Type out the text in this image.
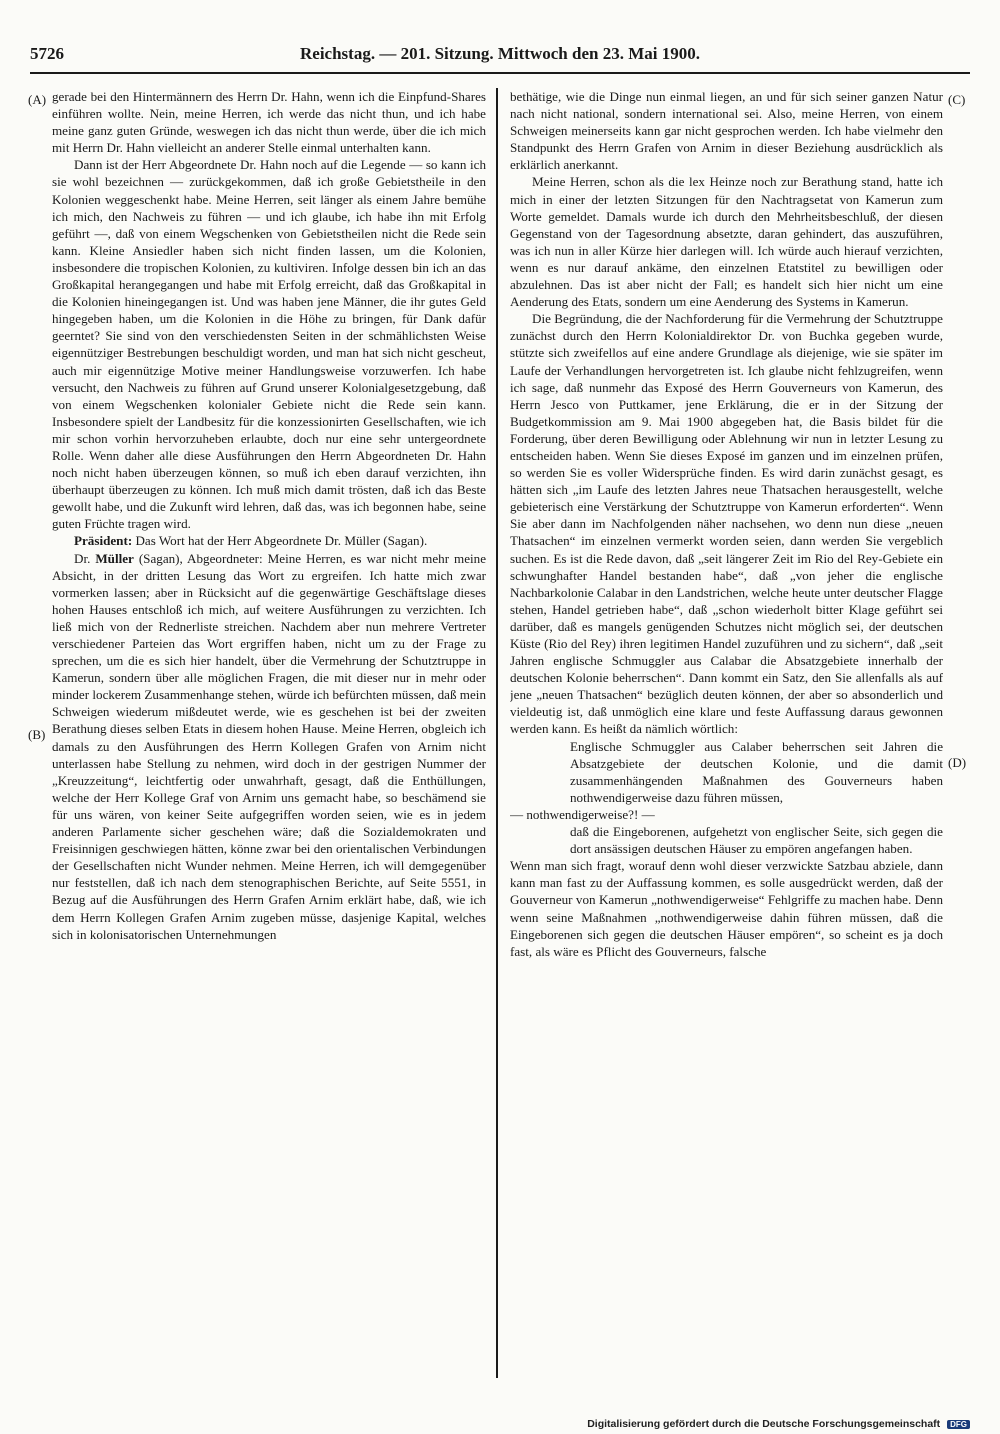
5726	Reichstag. — 201. Sitzung. Mittwoch den 23. Mai 1900.
(A)
(B)
(C)
(D)

gerade bei den Hintermännern des Herrn Dr. Hahn, wenn ich die Einpfund-Shares einführen wollte. Nein, meine Herren, ich werde das nicht thun, und ich habe meine ganz guten Gründe, weswegen ich das nicht thun werde, über die ich mich mit Herrn Dr. Hahn vielleicht an anderer Stelle einmal unterhalten kann.

Dann ist der Herr Abgeordnete Dr. Hahn noch auf die Legende — so kann ich sie wohl bezeichnen — zurückgekommen, daß ich große Gebietstheile in den Kolonien weggeschenkt habe. Meine Herren, seit länger als einem Jahre bemühe ich mich, den Nachweis zu führen — und ich glaube, ich habe ihn mit Erfolg geführt —, daß von einem Wegschenken von Gebietstheilen nicht die Rede sein kann. Kleine Ansiedler haben sich nicht finden lassen, um die Kolonien, insbesondere die tropischen Kolonien, zu kultiviren. Infolge dessen bin ich an das Großkapital herangegangen und habe mit Erfolg erreicht, daß das Großkapital in die Kolonien hineingegangen ist. Und was haben jene Männer, die ihr gutes Geld hingegeben haben, um die Kolonien in die Höhe zu bringen, für Dank dafür geerntet? Sie sind von den verschiedensten Seiten in der schmählichsten Weise eigennütziger Bestrebungen beschuldigt worden, und man hat sich nicht gescheut, auch mir eigennützige Motive meiner Handlungsweise vorzuwerfen. Ich habe versucht, den Nachweis zu führen auf Grund unserer Kolonialgesetzgebung, daß von einem Wegschenken kolonialer Gebiete nicht die Rede sein kann. Insbesondere spielt der Landbesitz für die konzessionirten Gesellschaften, wie ich mir schon vorhin hervorzuheben erlaubte, doch nur eine sehr untergeordnete Rolle. Wenn daher alle diese Ausführungen den Herrn Abgeordneten Dr. Hahn noch nicht haben überzeugen können, so muß ich eben darauf verzichten, ihn überhaupt überzeugen zu können. Ich muß mich damit trösten, daß ich das Beste gewollt habe, und die Zukunft wird lehren, daß das, was ich begonnen habe, seine guten Früchte tragen wird.

Präsident: Das Wort hat der Herr Abgeordnete Dr. Müller (Sagan).

Dr. Müller (Sagan), Abgeordneter: Meine Herren, es war nicht mehr meine Absicht, in der dritten Lesung das Wort zu ergreifen. Ich hatte mich zwar vormerken lassen; aber in Rücksicht auf die gegenwärtige Geschäftslage dieses hohen Hauses entschloß ich mich, auf weitere Ausführungen zu verzichten. Ich ließ mich von der Rednerliste streichen. Nachdem aber nun mehrere Vertreter verschiedener Parteien das Wort ergriffen haben, nicht um zu der Frage zu sprechen, um die es sich hier handelt, über die Vermehrung der Schutztruppe in Kamerun, sondern über alle möglichen Fragen, die mit dieser nur in mehr oder minder lockerem Zusammenhange stehen, würde ich befürchten müssen, daß mein Schweigen wiederum mißdeutet werde, wie es geschehen ist bei der zweiten Berathung dieses selben Etats in diesem hohen Hause. Meine Herren, obgleich ich damals zu den Ausführungen des Herrn Kollegen Grafen von Arnim nicht unterlassen habe Stellung zu nehmen, wird doch in der gestrigen Nummer der „Kreuzzeitung“, leichtfertig oder unwahrhaft, gesagt, daß die Enthüllungen, welche der Herr Kollege Graf von Arnim uns gemacht habe, so beschämend sie für uns wären, von keiner Seite aufgegriffen worden seien, wie es in jedem anderen Parlamente sicher geschehen wäre; daß die Sozialdemokraten und Freisinnigen geschwiegen hätten, könne zwar bei den orientalischen Verbindungen der Gesellschaften nicht Wunder nehmen. Meine Herren, ich will demgegenüber nur feststellen, daß ich nach dem stenographischen Berichte, auf Seite 5551, in Bezug auf die Ausführungen des Herrn Grafen Arnim erklärt habe, daß, wie ich dem Herrn Kollegen Grafen Arnim zugeben müsse, dasjenige Kapital, welches sich in kolonisatorischen Unternehmungen

bethätige, wie die Dinge nun einmal liegen, an und für sich seiner ganzen Natur nach nicht national, sondern international sei. Also, meine Herren, von einem Schweigen meinerseits kann gar nicht gesprochen werden. Ich habe vielmehr den Standpunkt des Herrn Grafen von Arnim in dieser Beziehung ausdrücklich als erklärlich anerkannt.

Meine Herren, schon als die lex Heinze noch zur Berathung stand, hatte ich mich in einer der letzten Sitzungen für den Nachtragsetat von Kamerun zum Worte gemeldet. Damals wurde ich durch den Mehrheitsbeschluß, der diesen Gegenstand von der Tagesordnung absetzte, daran gehindert, das auszuführen, was ich nun in aller Kürze hier darlegen will. Ich würde auch hierauf verzichten, wenn es nur darauf ankäme, den einzelnen Etatstitel zu bewilligen oder abzulehnen. Das ist aber nicht der Fall; es handelt sich hier nicht um eine Aenderung des Etats, sondern um eine Aenderung des Systems in Kamerun.

Die Begründung, die der Nachforderung für die Vermehrung der Schutztruppe zunächst durch den Herrn Kolonialdirektor Dr. von Buchka gegeben wurde, stützte sich zweifellos auf eine andere Grundlage als diejenige, wie sie später im Laufe der Verhandlungen hervorgetreten ist. Ich glaube nicht fehlzugreifen, wenn ich sage, daß nunmehr das Exposé des Herrn Gouverneurs von Kamerun, des Herrn Jesco von Puttkamer, jene Erklärung, die er in der Sitzung der Budgetkommission am 9. Mai 1900 abgegeben hat, die Basis bildet für die Forderung, über deren Bewilligung oder Ablehnung wir nun in letzter Lesung zu entscheiden haben. Wenn Sie dieses Exposé im ganzen und im einzelnen prüfen, so werden Sie es voller Widersprüche finden. Es wird darin zunächst gesagt, es hätten sich „im Laufe des letzten Jahres neue Thatsachen herausgestellt, welche gebieterisch eine Verstärkung der Schutztruppe von Kamerun erforderten“. Wenn Sie aber dann im Nachfolgenden näher nachsehen, wo denn nun diese „neuen Thatsachen“ im einzelnen vermerkt worden seien, dann werden Sie vergeblich suchen. Es ist die Rede davon, daß „seit längerer Zeit im Rio del Rey-Gebiete ein schwunghafter Handel bestanden habe“, daß „von jeher die englische Nachbarkolonie Calabar in den Landstrichen, welche heute unter deutscher Flagge stehen, Handel getrieben habe“, daß „schon wiederholt bitter Klage geführt sei darüber, daß es mangels genügenden Schutzes nicht möglich sei, der deutschen Küste (Rio del Rey) ihren legitimen Handel zuzuführen und zu sichern“, daß „seit Jahren englische Schmuggler aus Calabar die Absatzgebiete innerhalb der deutschen Kolonie beherrschen“. Dann kommt ein Satz, den Sie allenfalls als auf jene „neuen Thatsachen“ bezüglich deuten können, der aber so absonderlich und vieldeutig ist, daß unmöglich eine klare und feste Auffassung daraus gewonnen werden kann. Es heißt da nämlich wörtlich:

Englische Schmuggler aus Calaber beherrschen seit Jahren die Absatzgebiete der deutschen Kolonie, und die damit zusammenhängenden Maßnahmen des Gouverneurs haben nothwendigerweise dazu führen müssen,

— nothwendigerweise?! —

daß die Eingeborenen, aufgehetzt von englischer Seite, sich gegen die dort ansässigen deutschen Häuser zu empören angefangen haben.

Wenn man sich fragt, worauf denn wohl dieser verzwickte Satzbau abziele, dann kann man fast zu der Auffassung kommen, es solle ausgedrückt werden, daß der Gouverneur von Kamerun „nothwendigerweise“ Fehlgriffe zu machen habe. Denn wenn seine Maßnahmen „nothwendigerweise dahin führen müssen, daß die Eingeborenen sich gegen die deutschen Häuser empören“, so scheint es ja doch fast, als wäre es Pflicht des Gouverneurs, falsche

Digitalisierung gefördert durch die Deutsche Forschungsgemeinschaft DFG
